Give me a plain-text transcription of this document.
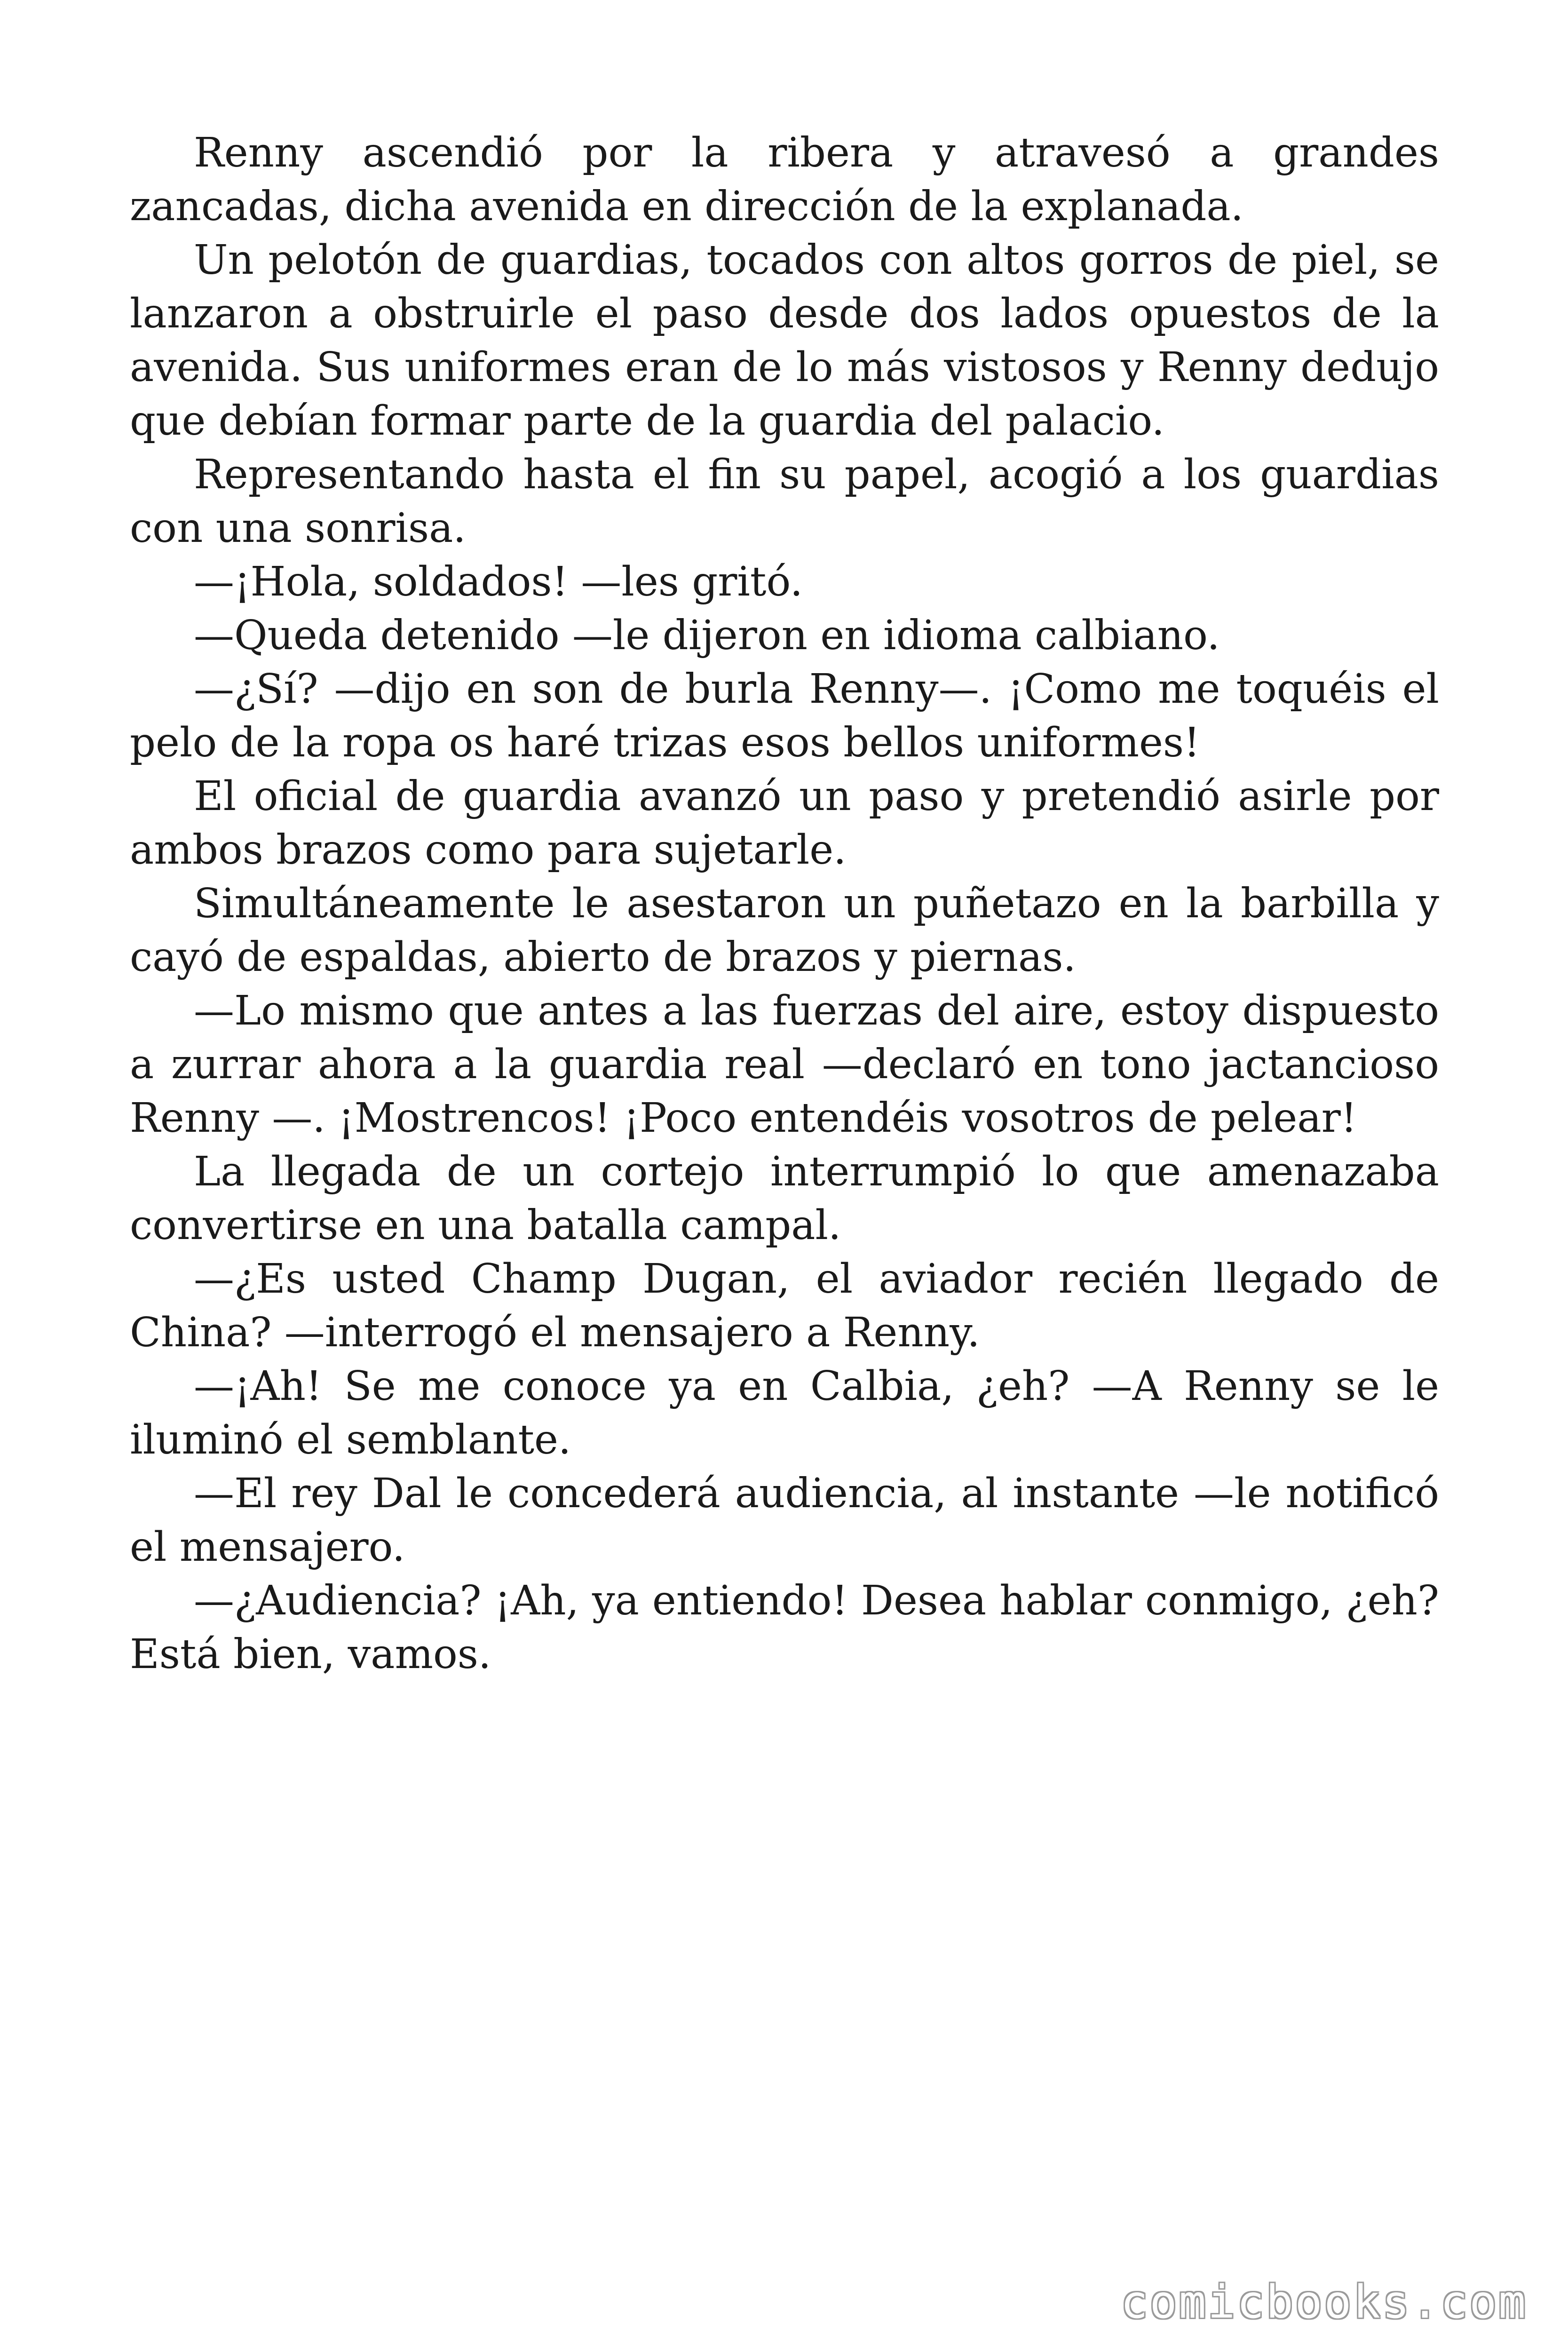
Renny ascendió por la ribera y atravesó a grandes zancadas, dicha avenida en dirección de la explanada.

Un pelotón de guardias, tocados con altos gorros de piel, se lanzaron a obstruirle el paso desde dos lados opuestos de la avenida. Sus uniformes eran de lo más vistosos y Renny dedujo que debían formar parte de la guardia del palacio.

Representando hasta el fin su papel, acogió a los guardias con una sonrisa.

—¡Hola, soldados! —les gritó.

—Queda detenido —le dijeron en idioma calbiano.

—¿Sí? —dijo en son de burla Renny—. ¡Como me toquéis el pelo de la ropa os haré trizas esos bellos uniformes!

El oficial de guardia avanzó un paso y pretendió asirle por ambos brazos como para sujetarle.

Simultáneamente le asestaron un puñetazo en la barbilla y cayó de espaldas, abierto de brazos y piernas.

—Lo mismo que antes a las fuerzas del aire, estoy dispuesto a zurrar ahora a la guardia real —declaró en tono jactancioso Renny —. ¡Mostrencos! ¡Poco entendéis vosotros de pelear!

La llegada de un cortejo interrumpió lo que amenazaba convertirse en una batalla campal.

—¿Es usted Champ Dugan, el aviador recién llegado de China? —interrogó el mensajero a Renny.

—¡Ah! Se me conoce ya en Calbia, ¿eh? —A Renny se le iluminó el semblante.

—El rey Dal le concederá audiencia, al instante —le notificó el mensajero.

—¿Audiencia? ¡Ah, ya entiendo! Desea hablar conmigo, ¿eh? Está bien, vamos.

comicbooks.com
